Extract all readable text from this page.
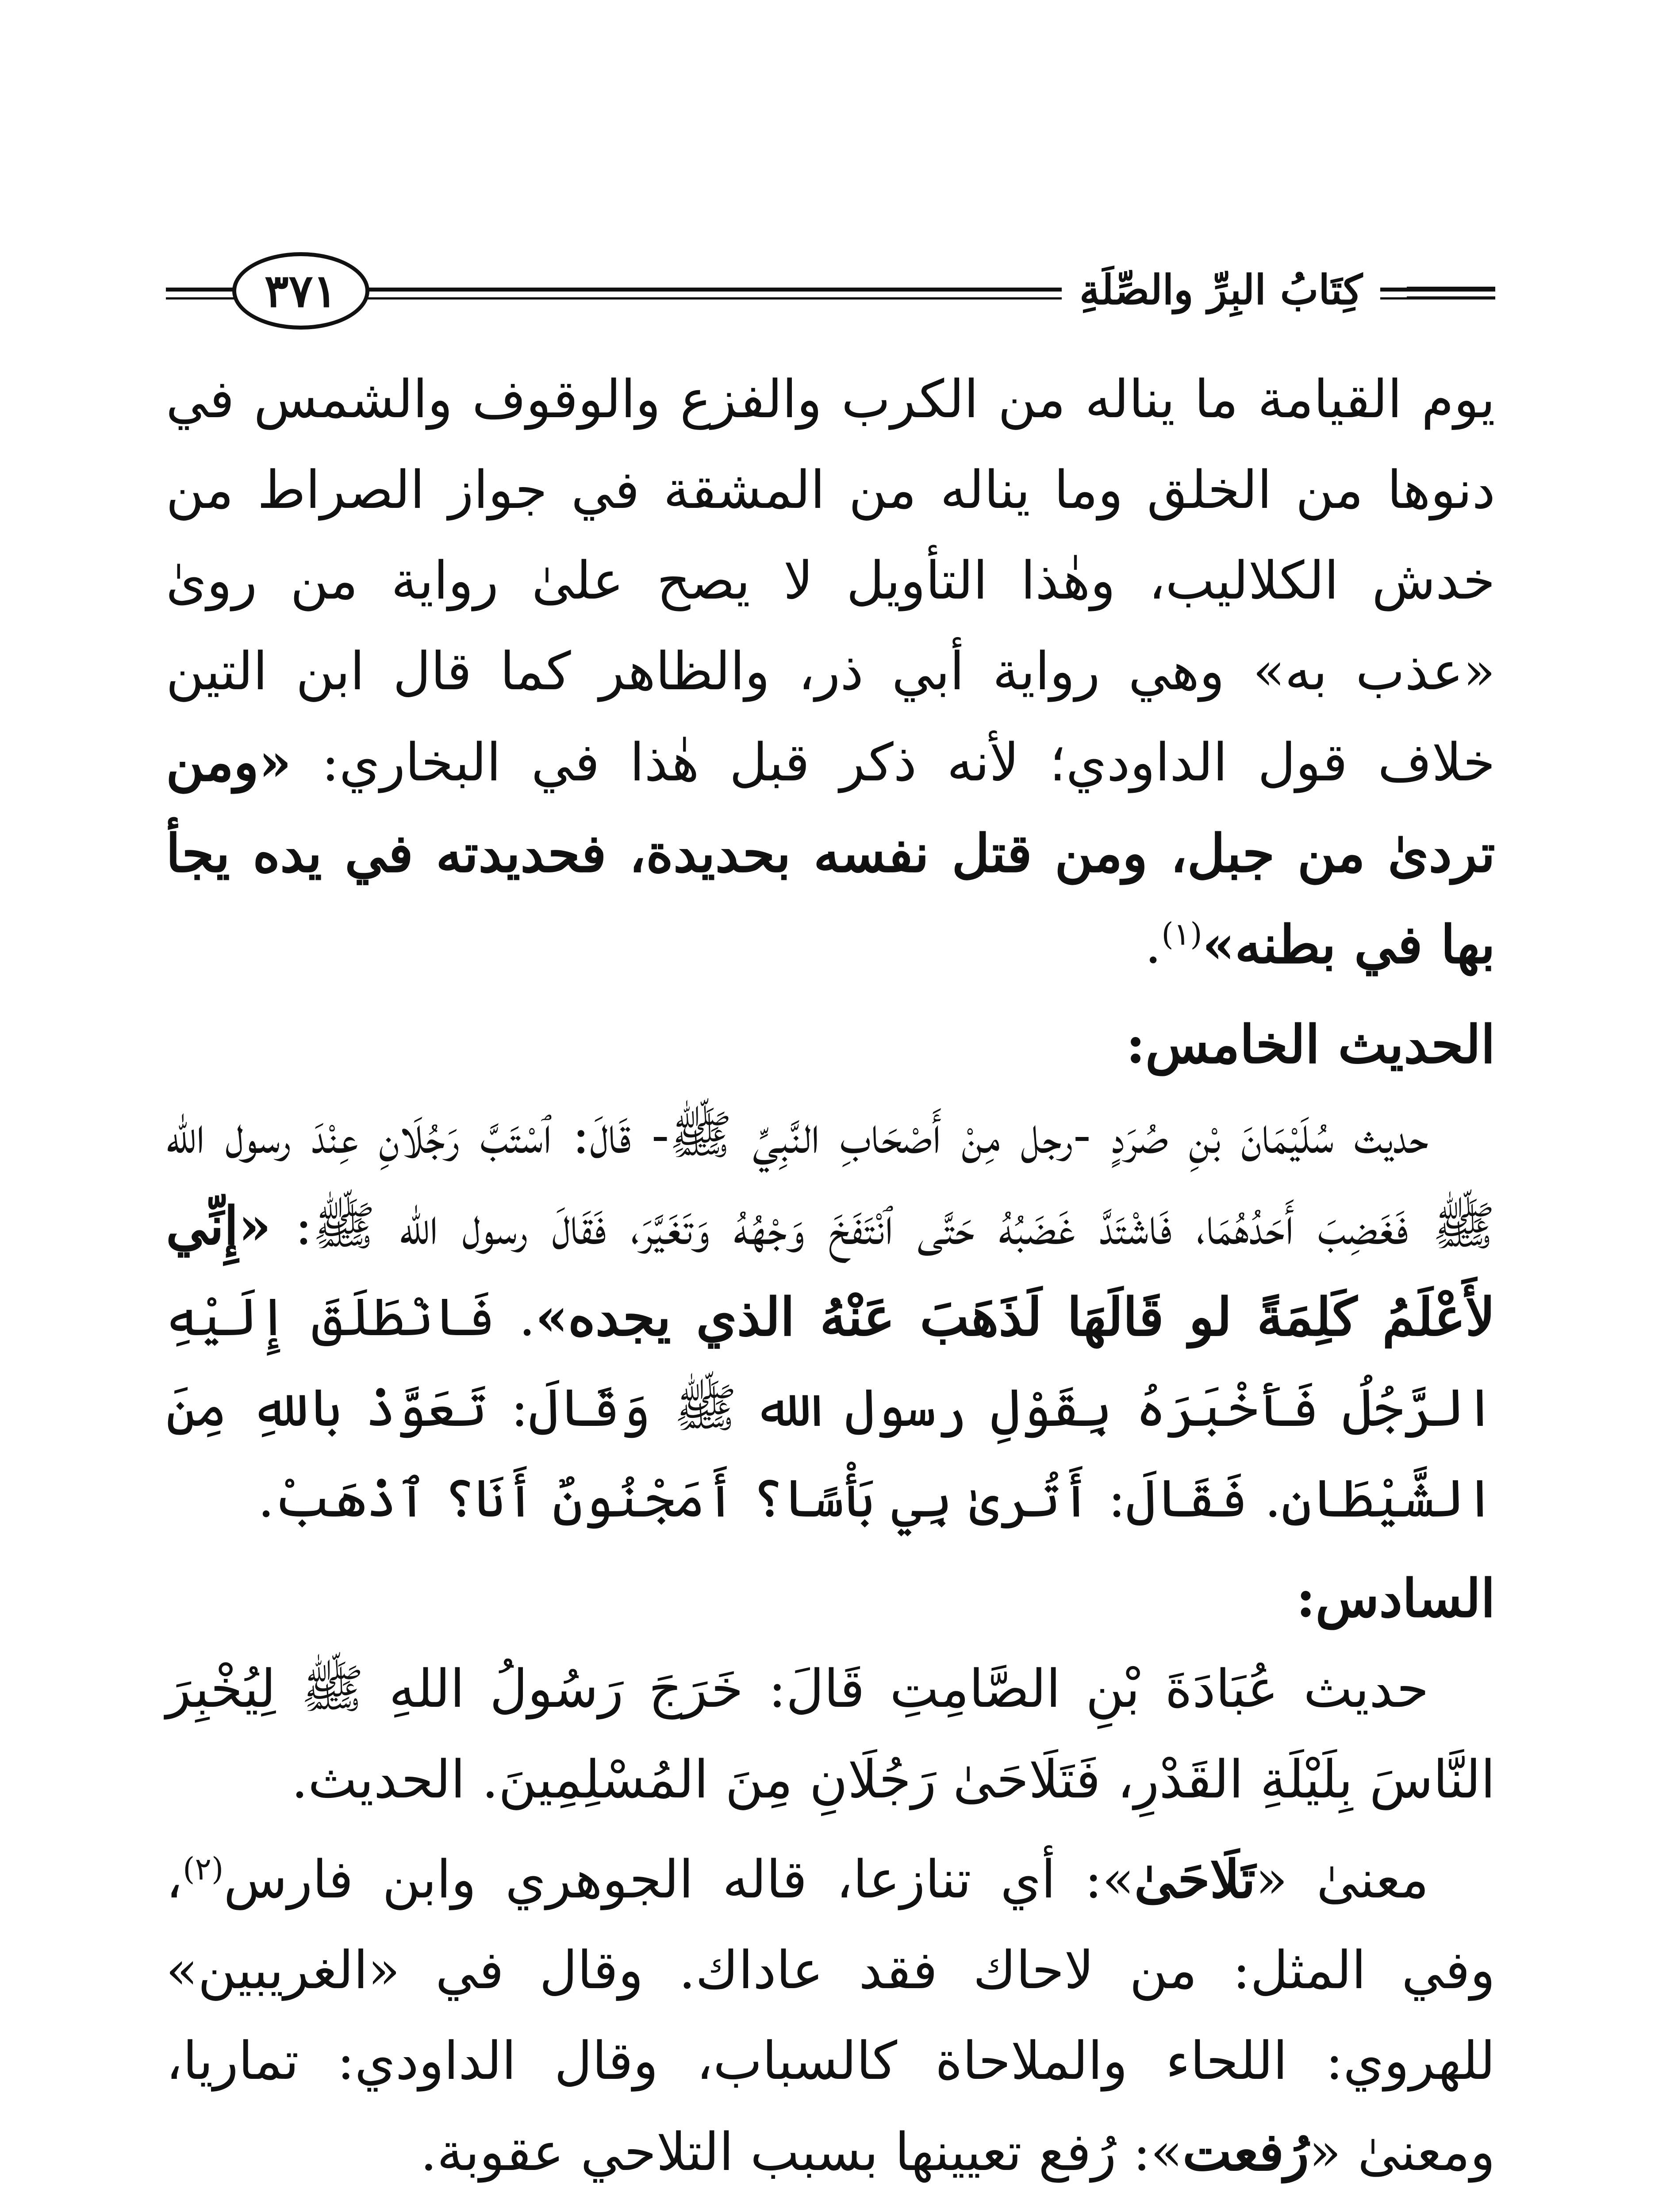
٣٧١	كِتَابُ البِرِّ والصِّلَةِ

يوم القيامة ما يناله من الكرب والفزع والوقوف والشمس في دنوها من الخلق وما يناله من المشقة في جواز الصراط من خدش الكلاليب، وهٰذا التأويل لا يصح علىٰ رواية من روىٰ «عذب به» وهي رواية أبي ذر، والظاهر كما قال ابن التين خلاف قول الداودي؛ لأنه ذكر قبل هٰذا في البخاري: «ومن تردىٰ من جبل، ومن قتل نفسه بحديدة، فحديدته في يده يجأ بها في بطنه»$^{(١)}$.

الحديث الخامس:

حديث سُلَيْمَانَ بْنِ صُرَدٍ -رجل مِنْ أَصْحَابِ النَّبِيِّ ﷺ- قَالَ: ٱسْتَبَّ رَجُلَانِ عِنْدَ رسول الله ﷺ فَغَضِبَ أَحَدُهُمَا، فَاشْتَدَّ غَضَبُهُ حَتَّى ٱنْتَفَخَ وَجْهُهُ وَتَغَيَّرَ، فَقَالَ رسول الله ﷺ: «إِنِّي لأَعْلَمُ كَلِمَةً لو قَالَهَا لَذَهَبَ عَنْهُ الذي يجده». فَانْطَلَقَ إِلَيْهِ الرَّجُلُ فَأَخْبَرَهُ بِقَوْلِ رسول الله ﷺ وَقَالَ: تَعَوَّذْ باللهِ مِنَ الشَّيْطَانِ. فَقَالَ: أَتُرىٰ بِي بَأْسًا؟ أَمَجْنُونٌ أَنَا؟ ٱذْهَبْ.

السادس:

حديث عُبَادَةَ بْنِ الصَّامِتِ قَالَ: خَرَجَ رَسُولُ اللهِ ﷺ لِيُخْبِرَ النَّاسَ بِلَيْلَةِ القَدْرِ، فَتَلَاحَىٰ رَجُلَانِ مِنَ المُسْلِمِينَ. الحديث.

معنىٰ «تَلَاحَىٰ»: أي تنازعا، قاله الجوهري وابن فارس$^{(٢)}$، وفي المثل: من لاحاك فقد عاداك. وقال في «الغريبين» للهروي: اللحاء والملاحاة كالسباب، وقال الداودي: تماريا، ومعنىٰ «رُفعت»: رُفع تعيينها بسبب التلاحي عقوبة.
